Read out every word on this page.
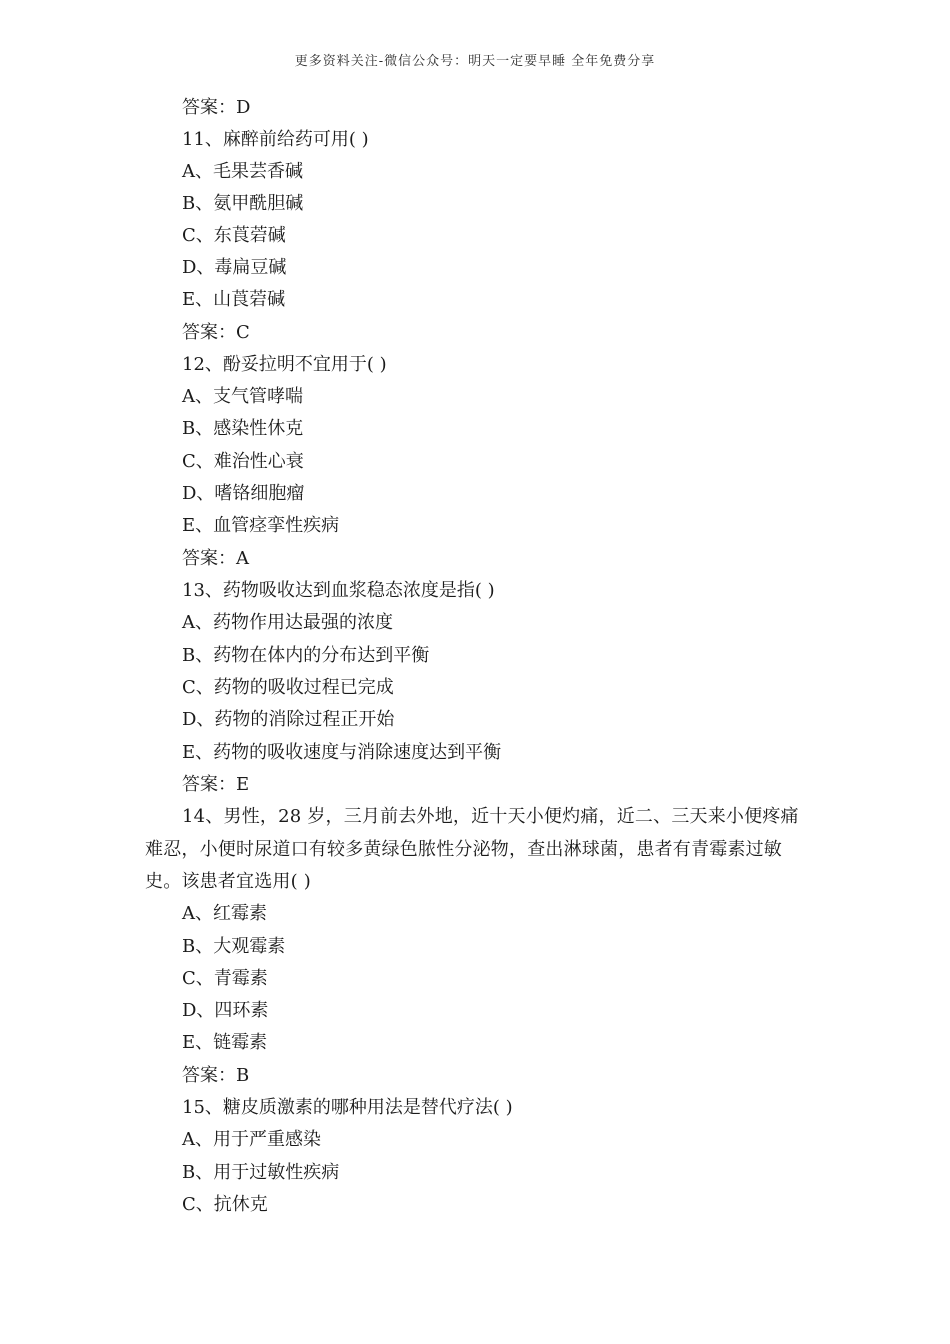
更多资料关注-微信公众号：明天一定要早睡 全年免费分享
答案：D
11、麻醉前给药可用( )
A、毛果芸香碱
B、氨甲酰胆碱
C、东莨菪碱
D、毒扁豆碱
E、山莨菪碱
答案：C
12、酚妥拉明不宜用于( )
A、支气管哮喘
B、感染性休克
C、难治性心衰
D、嗜铬细胞瘤
E、血管痉挛性疾病
答案：A
13、药物吸收达到血浆稳态浓度是指( )
A、药物作用达最强的浓度
B、药物在体内的分布达到平衡
C、药物的吸收过程已完成
D、药物的消除过程正开始
E、药物的吸收速度与消除速度达到平衡
答案：E
14、男性，28 岁，三月前去外地，近十天小便灼痛，近二、三天来小便疼痛难忍，小便时尿道口有较多黄绿色脓性分泌物，查出淋球菌，患者有青霉素过敏史。该患者宜选用( )
A、红霉素
B、大观霉素
C、青霉素
D、四环素
E、链霉素
答案：B
15、糖皮质激素的哪种用法是替代疗法( )
A、用于严重感染
B、用于过敏性疾病
C、抗休克
